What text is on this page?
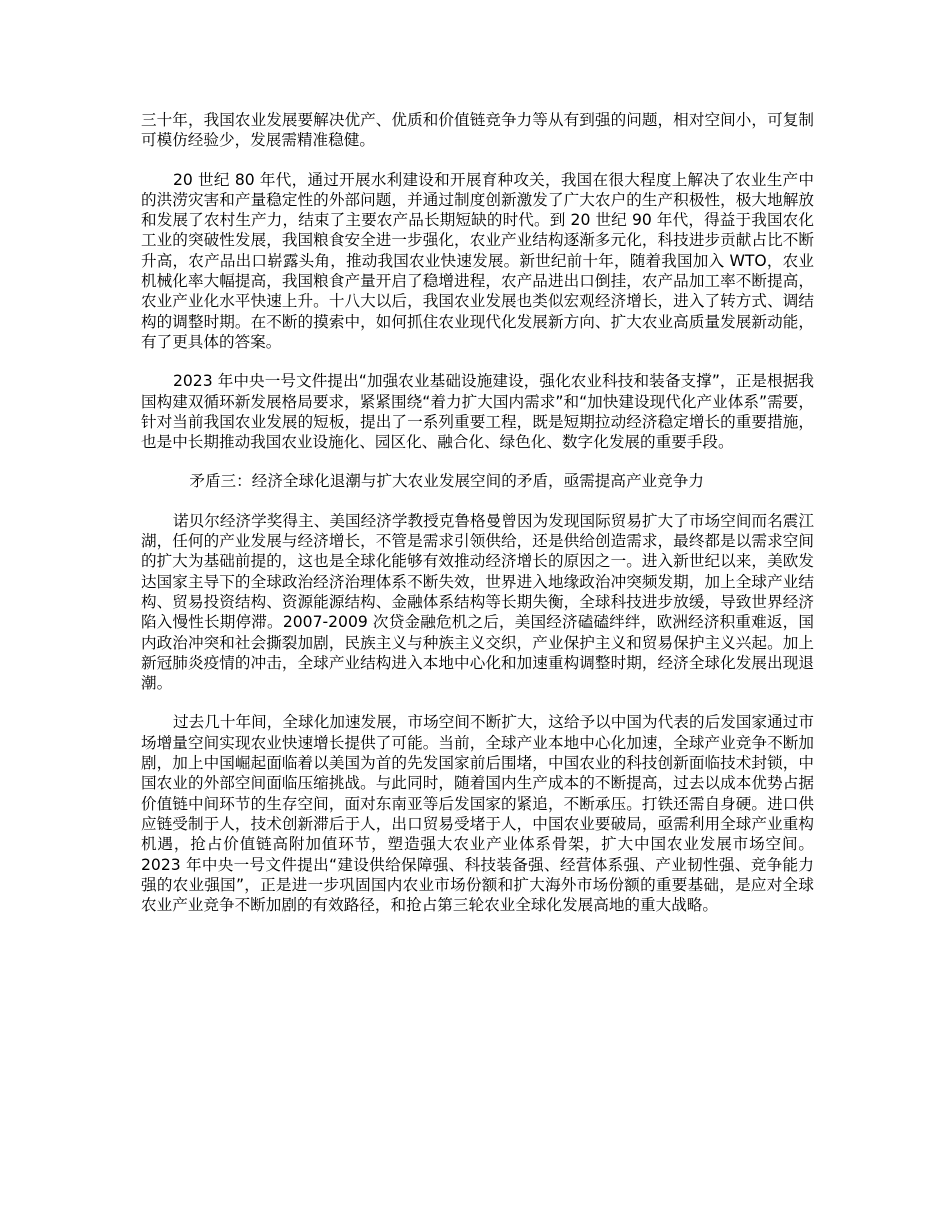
三十年，我国农业发展要解决优产、优质和价值链竞争力等从有到强的问题，相对空间小，可复制可模仿经验少，发展需精准稳健。

20 世纪 80 年代，通过开展水利建设和开展育种攻关，我国在很大程度上解决了农业生产中的洪涝灾害和产量稳定性的外部问题，并通过制度创新激发了广大农户的生产积极性，极大地解放和发展了农村生产力，结束了主要农产品长期短缺的时代。到 20 世纪 90 年代，得益于我国农化工业的突破性发展，我国粮食安全进一步强化，农业产业结构逐渐多元化，科技进步贡献占比不断升高，农产品出口崭露头角，推动我国农业快速发展。新世纪前十年，随着我国加入 WTO，农业机械化率大幅提高，我国粮食产量开启了稳增进程，农产品进出口倒挂，农产品加工率不断提高，农业产业化水平快速上升。十八大以后，我国农业发展也类似宏观经济增长，进入了转方式、调结构的调整时期。在不断的摸索中，如何抓住农业现代化发展新方向、扩大农业高质量发展新动能，有了更具体的答案。

2023 年中央一号文件提出“加强农业基础设施建设，强化农业科技和装备支撑”，正是根据我国构建双循环新发展格局要求，紧紧围绕“着力扩大国内需求”和“加快建设现代化产业体系”需要，针对当前我国农业发展的短板，提出了一系列重要工程，既是短期拉动经济稳定增长的重要措施，也是中长期推动我国农业设施化、园区化、融合化、绿色化、数字化发展的重要手段。

矛盾三：经济全球化退潮与扩大农业发展空间的矛盾，亟需提高产业竞争力

诺贝尔经济学奖得主、美国经济学教授克鲁格曼曾因为发现国际贸易扩大了市场空间而名震江湖，任何的产业发展与经济增长，不管是需求引领供给，还是供给创造需求，最终都是以需求空间的扩大为基础前提的，这也是全球化能够有效推动经济增长的原因之一。进入新世纪以来，美欧发达国家主导下的全球政治经济治理体系不断失效，世界进入地缘政治冲突频发期，加上全球产业结构、贸易投资结构、资源能源结构、金融体系结构等长期失衡，全球科技进步放缓，导致世界经济陷入慢性长期停滞。2007-2009 次贷金融危机之后，美国经济磕磕绊绊，欧洲经济积重难返，国内政治冲突和社会撕裂加剧，民族主义与种族主义交织，产业保护主义和贸易保护主义兴起。加上新冠肺炎疫情的冲击，全球产业结构进入本地中心化和加速重构调整时期，经济全球化发展出现退潮。

过去几十年间，全球化加速发展，市场空间不断扩大，这给予以中国为代表的后发国家通过市场增量空间实现农业快速增长提供了可能。当前，全球产业本地中心化加速，全球产业竞争不断加剧，加上中国崛起面临着以美国为首的先发国家前后围堵，中国农业的科技创新面临技术封锁，中国农业的外部空间面临压缩挑战。与此同时，随着国内生产成本的不断提高，过去以成本优势占据价值链中间环节的生存空间，面对东南亚等后发国家的紧追，不断承压。打铁还需自身硬。进口供应链受制于人，技术创新滞后于人，出口贸易受堵于人，中国农业要破局，亟需利用全球产业重构机遇，抢占价值链高附加值环节，塑造强大农业产业体系骨架，扩大中国农业发展市场空间。2023 年中央一号文件提出“建设供给保障强、科技装备强、经营体系强、产业韧性强、竞争能力强的农业强国”，正是进一步巩固国内农业市场份额和扩大海外市场份额的重要基础，是应对全球农业产业竞争不断加剧的有效路径，和抢占第三轮农业全球化发展高地的重大战略。
